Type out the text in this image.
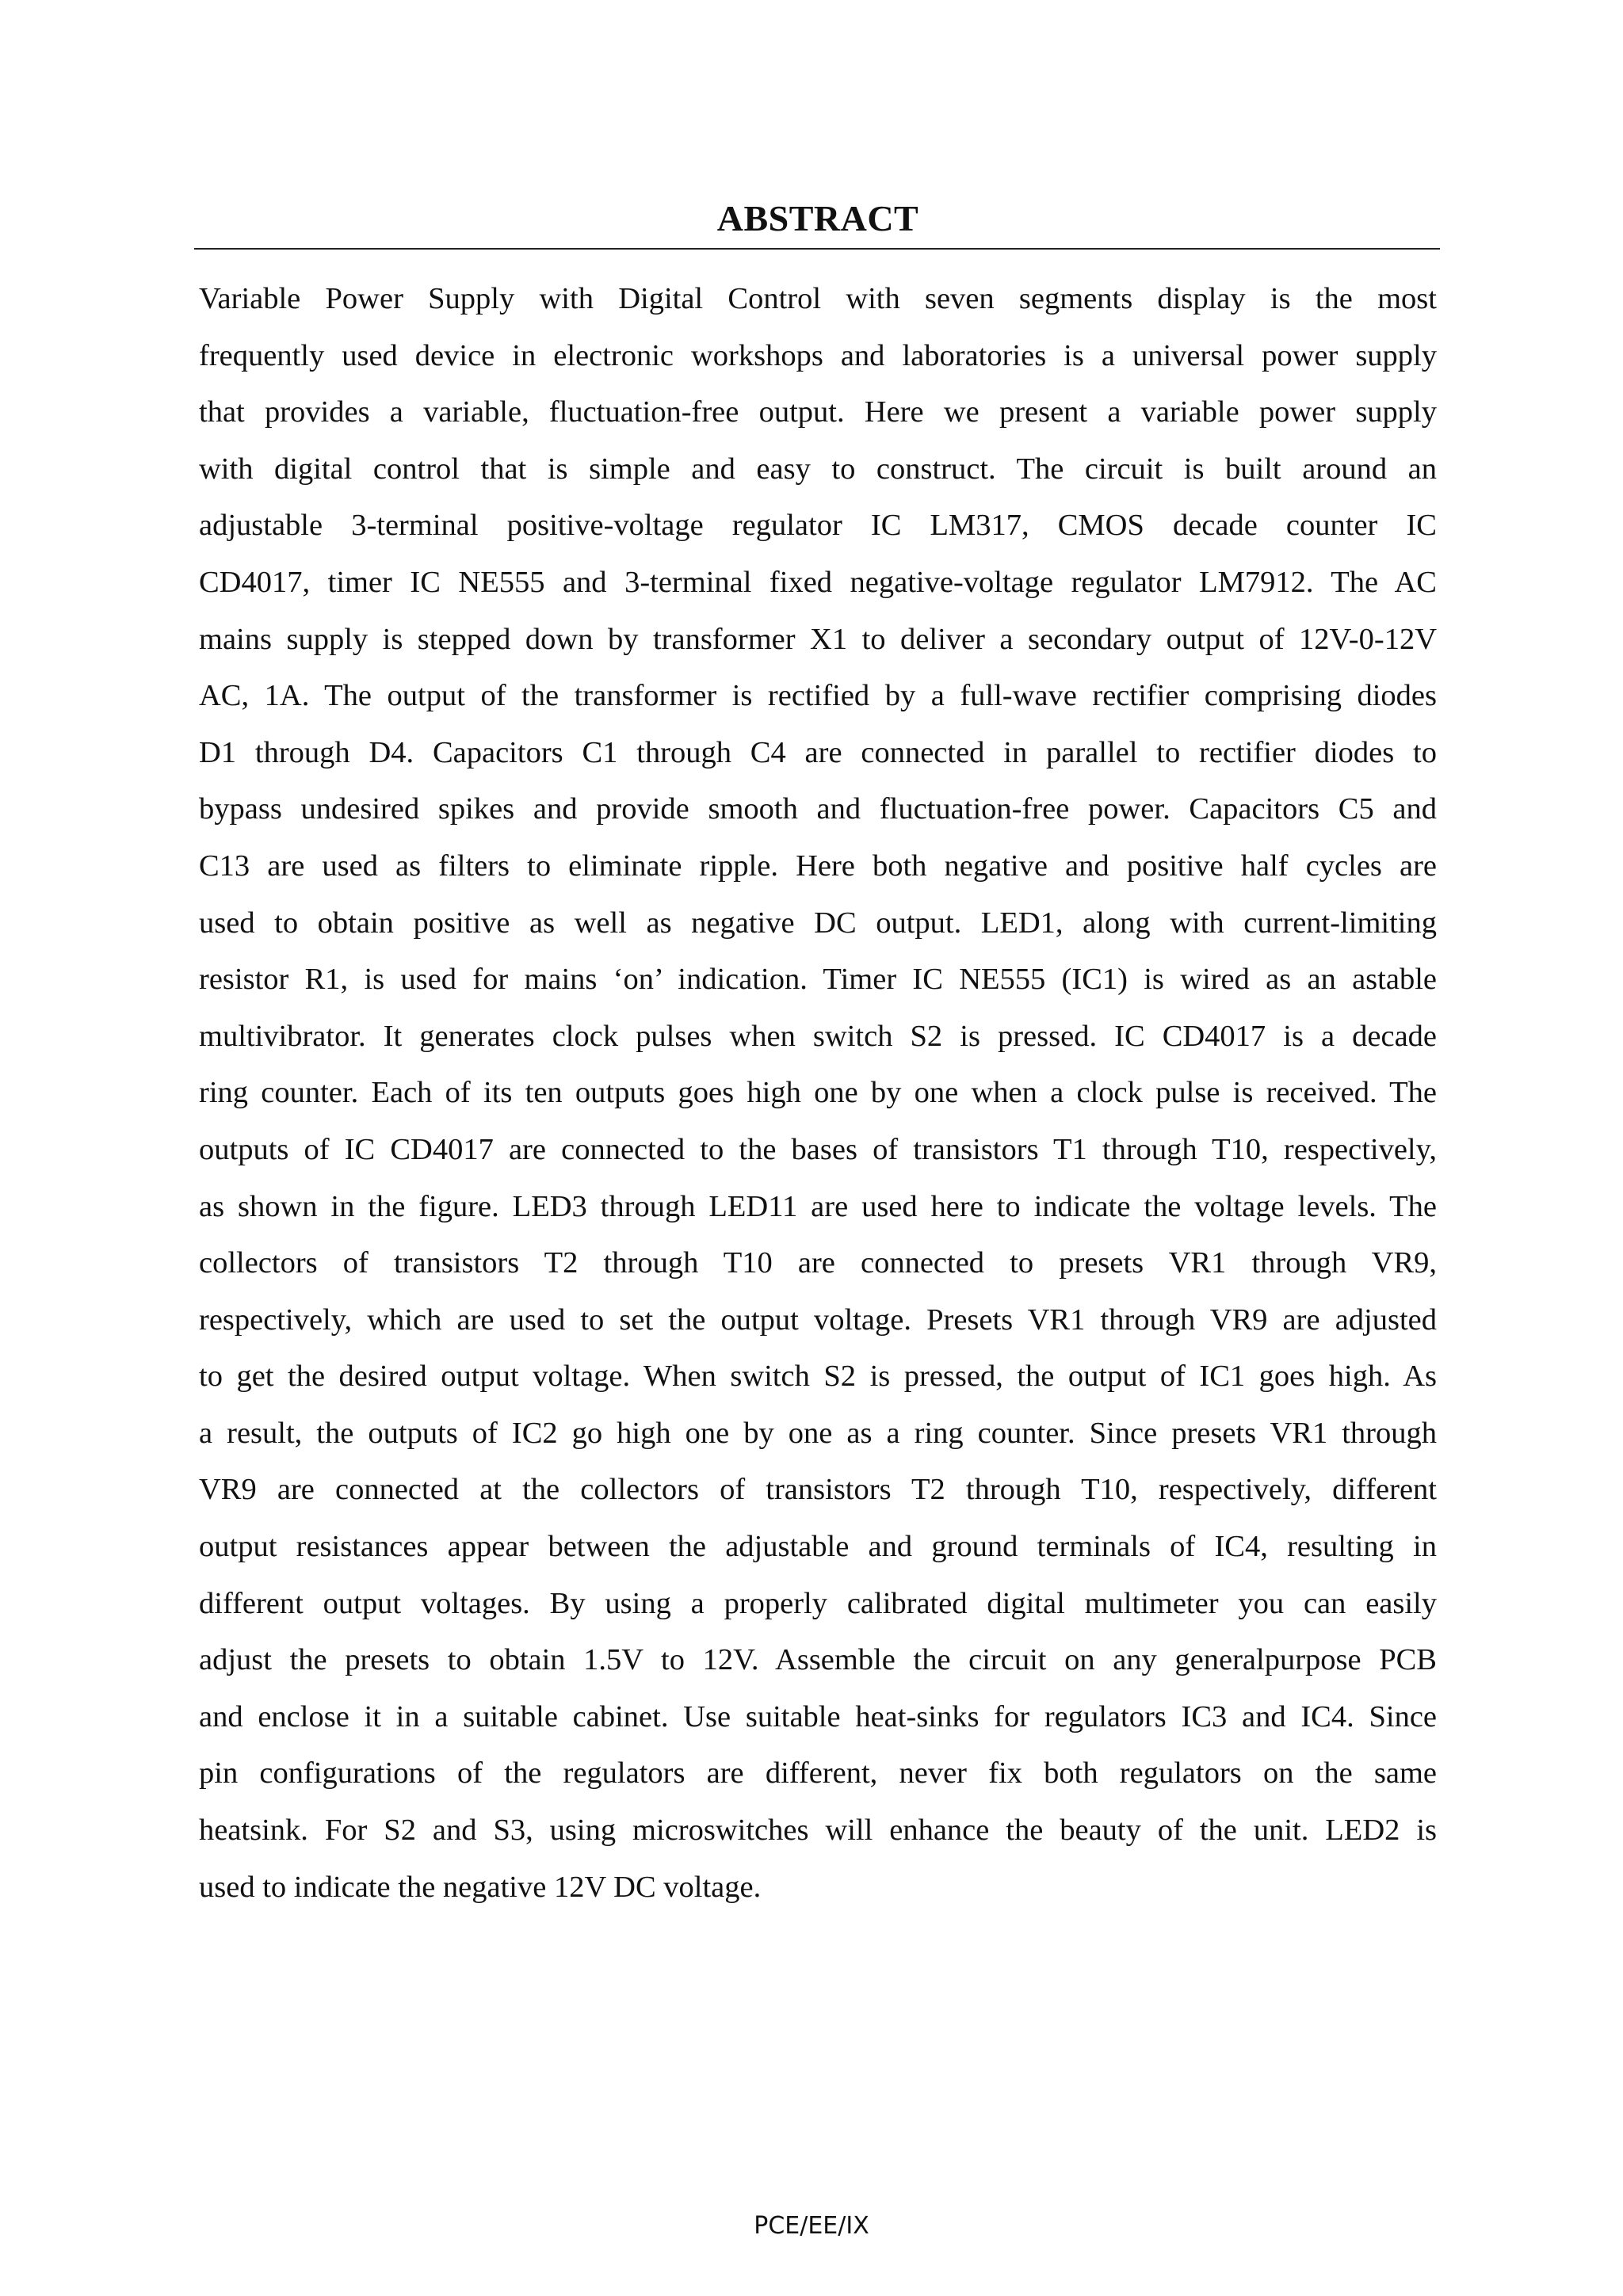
ABSTRACT
Variable Power Supply with Digital Control with seven segments display is the most
frequently used device in electronic workshops and laboratories is a universal power supply
that provides a variable, fluctuation-free output. Here we present a variable power supply
with digital control that is simple and easy to construct. The circuit is built around an
adjustable 3-terminal positive-voltage regulator IC LM317, CMOS decade counter IC
CD4017, timer IC NE555 and 3-terminal fixed negative-voltage regulator LM7912. The AC
mains supply is stepped down by transformer X1 to deliver a secondary output of 12V-0-12V
AC, 1A. The output of the transformer is rectified by a full-wave rectifier comprising diodes
D1 through D4. Capacitors C1 through C4 are connected in parallel to rectifier diodes to
bypass undesired spikes and provide smooth and fluctuation-free power. Capacitors C5 and
C13 are used as filters to eliminate ripple. Here both negative and positive half cycles are
used to obtain positive as well as negative DC output. LED1, along with current-limiting
resistor R1, is used for mains ‘on’ indication. Timer IC NE555 (IC1) is wired as an astable
multivibrator. It generates clock pulses when switch S2 is pressed. IC CD4017 is a decade
ring counter. Each of its ten outputs goes high one by one when a clock pulse is received. The
outputs of IC CD4017 are connected to the bases of transistors T1 through T10, respectively,
as shown in the figure. LED3 through LED11 are used here to indicate the voltage levels. The
collectors of transistors T2 through T10 are connected to presets VR1 through VR9,
respectively, which are used to set the output voltage. Presets VR1 through VR9 are adjusted
to get the desired output voltage. When switch S2 is pressed, the output of IC1 goes high. As
a result, the outputs of IC2 go high one by one as a ring counter. Since presets VR1 through
VR9 are connected at the collectors of transistors T2 through T10, respectively, different
output resistances appear between the adjustable and ground terminals of IC4, resulting in
different output voltages. By using a properly calibrated digital multimeter you can easily
adjust the presets to obtain 1.5V to 12V. Assemble the circuit on any generalpurpose PCB
and enclose it in a suitable cabinet. Use suitable heat-sinks for regulators IC3 and IC4. Since
pin configurations of the regulators are different, never fix both regulators on the same
heatsink. For S2 and S3, using microswitches will enhance the beauty of the unit. LED2 is
used to indicate the negative 12V DC voltage.
PCE/EE/IX
